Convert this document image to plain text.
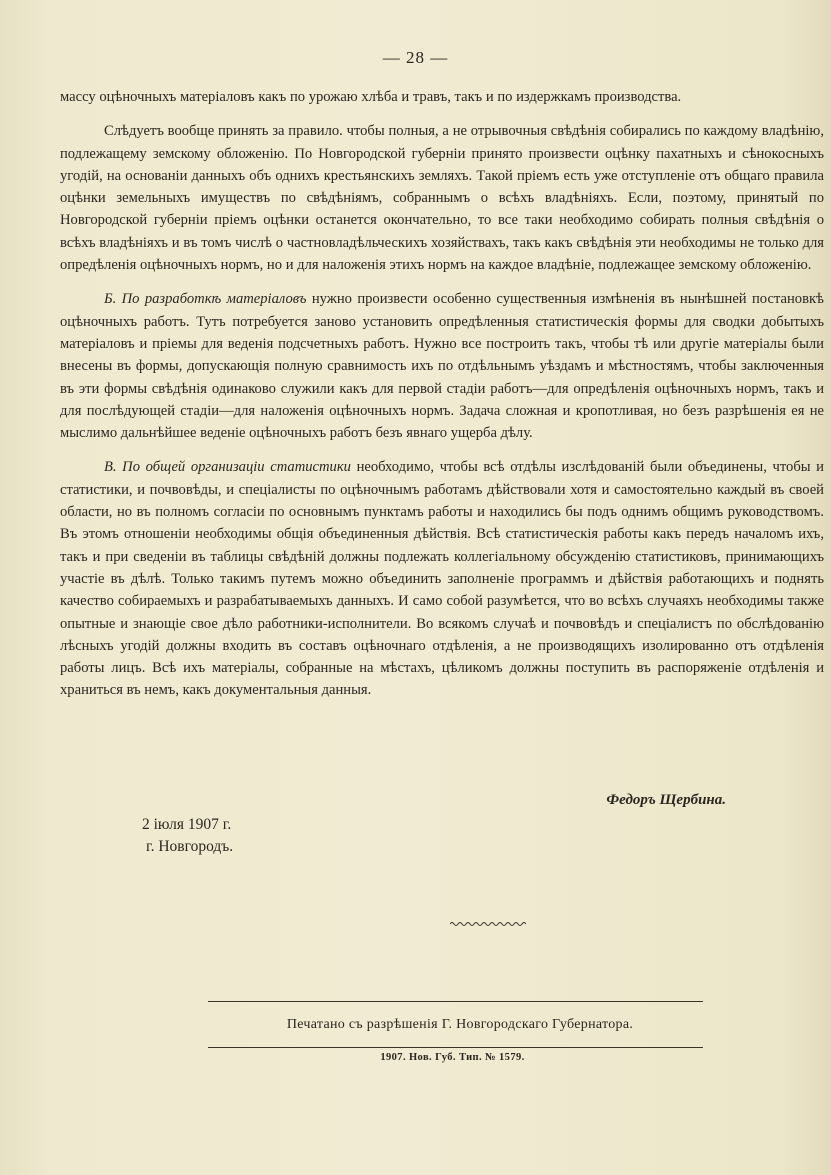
— 28 —

массу оцѣночныхъ матеріаловъ какъ по урожаю хлѣба и травъ, такъ и по издержкамъ производства.

Слѣдуетъ вообще принять за правило. чтобы полныя, а не отрывочныя свѣдѣнія собирались по каждому владѣнію, подлежащему земскому обложенію. По Новгородской губерніи принято произвести оцѣнку пахатныхъ и сѣнокосныхъ угодій, на основаніи данныхъ объ однихъ крестьянскихъ земляхъ. Такой пріемъ есть уже отступленіе отъ общаго правила оцѣнки земельныхъ имуществъ по свѣдѣніямъ, собраннымъ о всѣхъ владѣніяхъ. Если, поэтому, принятый по Новгородской губерніи пріемъ оцѣнки останется окончательно, то все таки необходимо собирать полныя свѣдѣнія о всѣхъ владѣніяхъ и въ томъ числѣ о частновладѣльческихъ хозяйствахъ, такъ какъ свѣдѣнія эти необходимы не только для опредѣленія оцѣночныхъ нормъ, но и для наложенія этихъ нормъ на каждое владѣніе, подлежащее земскому обложенію.

Б. По разработкѣ матеріаловъ нужно произвести особенно существенныя измѣненія въ нынѣшней постановкѣ оцѣночныхъ работъ. Тутъ потребуется заново установить опредѣленныя статистическія формы для сводки добытыхъ матеріаловъ и пріемы для веденія подсчетныхъ работъ. Нужно все построить такъ, чтобы тѣ или другіе матеріалы были внесены въ формы, допускающія полную сравнимость ихъ по отдѣльнымъ уѣздамъ и мѣстностямъ, чтобы заключенныя въ эти формы свѣдѣнія одинаково служили какъ для первой стадіи работъ—для опредѣленія оцѣночныхъ нормъ, такъ и для послѣдующей стадіи—для наложенія оцѣночныхъ нормъ. Задача сложная и кропотливая, но безъ разрѣшенія ея не мыслимо дальнѣйшее веденіе оцѣночныхъ работъ безъ явнаго ущерба дѣлу.

В. По общей организаціи статистики необходимо, чтобы всѣ отдѣлы изслѣдованій были объединены, чтобы и статистики, и почвовѣды, и спеціалисты по оцѣночнымъ работамъ дѣйствовали хотя и самостоятельно каждый въ своей области, но въ полномъ согласіи по основнымъ пунктамъ работы и находились бы подъ однимъ общимъ руководствомъ. Въ этомъ отношеніи необходимы общія объединенныя дѣйствія. Всѣ статистическія работы какъ передъ началомъ ихъ, такъ и при сведеніи въ таблицы свѣдѣній должны подлежать коллегіальному обсужденію статистиковъ, принимающихъ участіе въ дѣлѣ. Только такимъ путемъ можно объединить заполненіе программъ и дѣйствія работающихъ и поднять качество собираемыхъ и разрабатываемыхъ данныхъ. И само собой разумѣется, что во всѣхъ случаяхъ необходимы также опытные и знающіе свое дѣло работники-исполнители. Во всякомъ случаѣ и почвовѣдъ и спеціалистъ по обслѣдованію лѣсныхъ угодій должны входить въ составъ оцѣночнаго отдѣленія, а не производящихъ изолированно отъ отдѣленія работы лицъ. Всѣ ихъ матеріалы, собранные на мѣстахъ, цѣликомъ должны поступить въ распоряженіе отдѣленія и храниться въ немъ, какъ документальныя данныя.

Федоръ Щербина.
2 іюля 1907 г.
г. Новгородъ.
Печатано съ разрѣшенія Г. Новгородскаго Губернатора.
1907. Нов. Губ. Тип. № 1579.
